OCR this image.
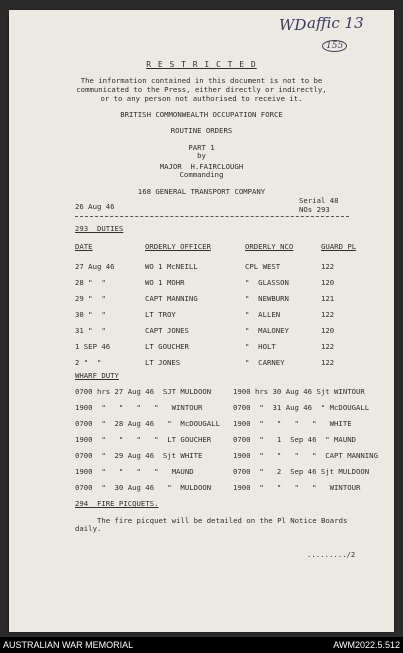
WD affic 13
155
R E S T R I C T E D
The information contained in this document is not to be
communicated to the Press, either directly or indirectly,
or to any person not authorised to receive it.
BRITISH COMMONWEALTH OCCUPATION FORCE
ROUTINE ORDERS
PART 1
by
MAJOR  H.FAIRCLOUGH
Commanding
168 GENERAL TRANSPORT COMPANY
26 Aug 46
Serial 48
NOs 293
293  DUTIES
DATE	ORDERLY OFFICER	ORDERLY NCO	GUARD PL
27 Aug 46	WO 1 McNEILL	CPL WEST	122
28 "  "	WO 1 MOHR	"  GLASSON	120
29 "  "	CAPT MANNING	"  NEWBURN	121
30 "  "	LT TROY	"  ALLEN	122
31 "  "	CAPT JONES	"  MALONEY	120
1 SEP 46	LT GOUCHER	"  HOLT	122
2 "  "	LT JONES	"  CARNEY	122
WHARF DUTY
0700 hrs 27 Aug 46  SJT MULDOON	1900 hrs 30 Aug 46 Sjt WINTOUR
1900  "   "   "   "   WINTOUR	0700  "  31 Aug 46  " McDOUGALL
0700  "  28 Aug 46   "  McDOUGALL 1900  "   "   "   "   WHITE
1900  "   "   "   "  LT GOUCHER	0700  "   1  Sep 46  " MAUND
0700  "  29 Aug 46  Sjt WHITE	1900  "   "   "   "  CAPT MANNING
1900  "   "   "   "   MAUND	0700  "   2  Sep 46 Sjt MULDOON
0700  "  30 Aug 46   "  MULDOON	1900  "   "   "   "   WINTOUR
294  FIRE PICQUETS.
The fire picquet will be detailed on the Pl Notice Boards
daily.
........./2
AUSTRALIAN WAR MEMORIAL	AWM2022.5.512
